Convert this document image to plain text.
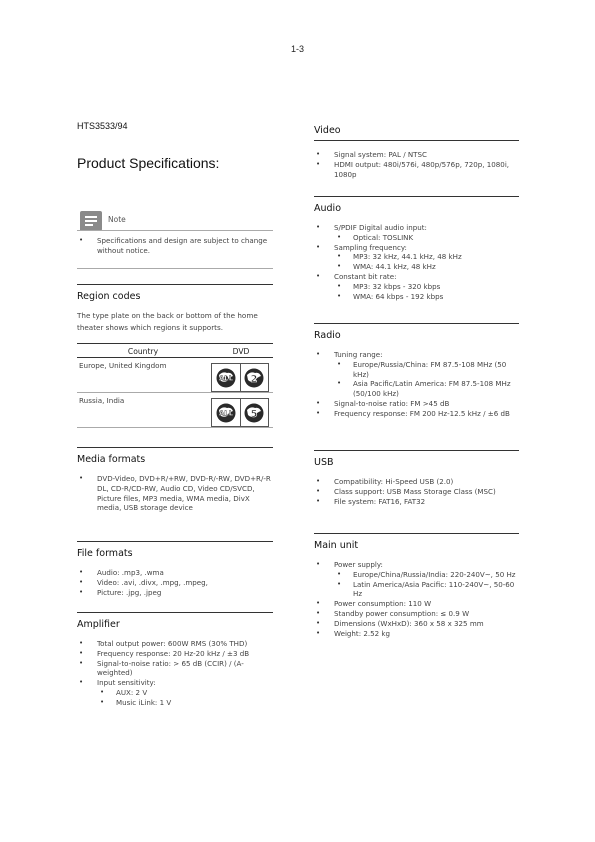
1-3
HTS3533/94
Product Specifications:
Note
• Specifications and design are subject to change without notice.
Region codes

The type plate on the back or bottom of the home theater shows which regions it supports.

Country	DVD
Europe, United Kingdom	ALL 2

Russia, India	ALL 5
Media formats
• DVD-Video, DVD+R/+RW, DVD-R/-RW, DVD+R/-R DL, CD-R/CD-RW, Audio CD, Video CD/SVCD, Picture files, MP3 media, WMA media, DivX media, USB storage device
File formats
• Audio: .mp3, .wma
• Video: .avi, .divx, .mpg, .mpeg,
• Picture: .jpg, .jpeg
Amplifier
• Total output power: 600W RMS (30% THD)
• Frequency response: 20 Hz-20 kHz / ±3 dB
• Signal-to-noise ratio: > 65 dB (CCIR) / (A-weighted)
• Input sensitivity:
• AUX: 2 V
• Music iLink: 1 V
Video
• Signal system: PAL / NTSC
• HDMI output: 480i/576i, 480p/576p, 720p, 1080i, 1080p
Audio
• S/PDIF Digital audio input:
• Optical: TOSLINK
• Sampling frequency:
• MP3: 32 kHz, 44.1 kHz, 48 kHz
• WMA: 44.1 kHz, 48 kHz
• Constant bit rate:
• MP3: 32 kbps - 320 kbps
• WMA: 64 kbps - 192 kbps
Radio
• Tuning range:
• Europe/Russia/China: FM 87.5-108 MHz (50 kHz)
• Asia Pacific/Latin America: FM 87.5-108 MHz (50/100 kHz)
• Signal-to-noise ratio: FM >45 dB
• Frequency response: FM 200 Hz-12.5 kHz / ±6 dB
USB
• Compatibility: Hi-Speed USB (2.0)
• Class support: USB Mass Storage Class (MSC)
• File system: FAT16, FAT32
Main unit
• Power supply:
• Europe/China/Russia/India: 220-240V~, 50 Hz
• Latin America/Asia Pacific: 110-240V~, 50-60 Hz
• Power consumption: 110 W
• Standby power consumption: ≤ 0.9 W
• Dimensions (WxHxD): 360 x 58 x 325 mm
• Weight: 2.52 kg
